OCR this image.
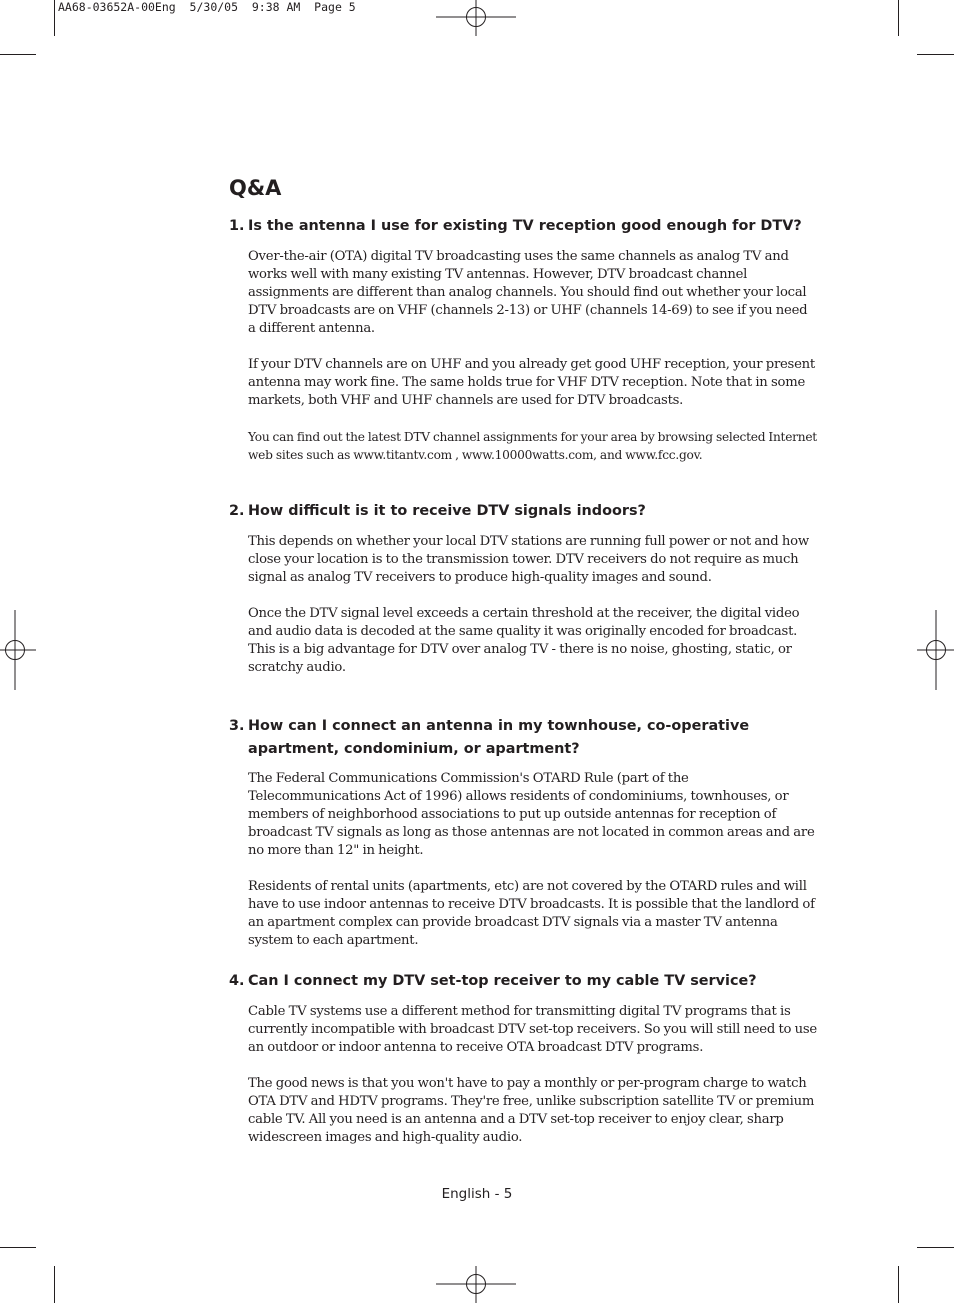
AA68-03652A-00Eng  5/30/05  9:38 AM  Page 5
Q&A
1. Is the antenna I use for existing TV reception good enough for DTV?

Over-the-air (OTA) digital TV broadcasting uses the same channels as analog TV and works well with many existing TV antennas. However, DTV broadcast channel assignments are different than analog channels. You should find out whether your local DTV broadcasts are on VHF (channels 2-13) or UHF (channels 14-69) to see if you need a different antenna.

If your DTV channels are on UHF and you already get good UHF reception, your present antenna may work fine. The same holds true for VHF DTV reception. Note that in some markets, both VHF and UHF channels are used for DTV broadcasts.

You can find out the latest DTV channel assignments for your area by browsing selected Internet web sites such as www.titantv.com , www.10000watts.com, and www.fcc.gov.

2. How difficult is it to receive DTV signals indoors?

This depends on whether your local DTV stations are running full power or not and how close your location is to the transmission tower. DTV receivers do not require as much signal as analog TV receivers to produce high-quality images and sound.

Once the DTV signal level exceeds a certain threshold at the receiver, the digital video and audio data is decoded at the same quality it was originally encoded for broadcast. This is a big advantage for DTV over analog TV - there is no noise, ghosting, static, or scratchy audio.

3. How can I connect an antenna in my townhouse, co-operative
apartment, condominium, or apartment?

The Federal Communications Commission's OTARD Rule (part of the Telecommunications Act of 1996) allows residents of condominiums, townhouses, or members of neighborhood associations to put up outside antennas for reception of broadcast TV signals as long as those antennas are not located in common areas and are no more than 12" in height.

Residents of rental units (apartments, etc) are not covered by the OTARD rules and will have to use indoor antennas to receive DTV broadcasts. It is possible that the landlord of an apartment complex can provide broadcast DTV signals via a master TV antenna system to each apartment.

4. Can I connect my DTV set-top receiver to my cable TV service?

Cable TV systems use a different method for transmitting digital TV programs that is currently incompatible with broadcast DTV set-top receivers. So you will still need to use an outdoor or indoor antenna to receive OTA broadcast DTV programs.

The good news is that you won't have to pay a monthly or per-program charge to watch OTA DTV and HDTV programs. They're free, unlike subscription satellite TV or premium cable TV. All you need is an antenna and a DTV set-top receiver to enjoy clear, sharp widescreen images and high-quality audio.

English - 5
